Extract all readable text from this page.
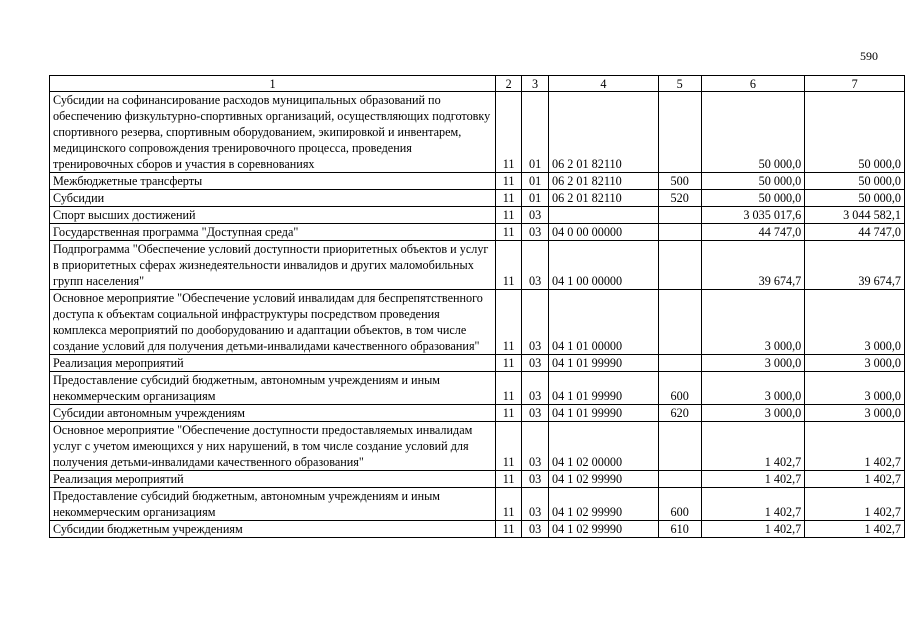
590
1	2	3	4	5	6	7
Субсидии на софинансирование расходов муниципальных образований по обеспечению физкультурно-спортивных организаций, осуществляющих подготовку спортивного резерва, спортивным оборудованием, экипировкой и инвентарем, медицинского сопровождения тренировочного процесса, проведения тренировочных сборов и участия в соревнованиях	11	01	06 2 01 82110		50 000,0	50 000,0
Межбюджетные трансферты	11	01	06 2 01 82110	500	50 000,0	50 000,0
Субсидии	11	01	06 2 01 82110	520	50 000,0	50 000,0
Спорт высших достижений	11	03			3 035 017,6	3 044 582,1
Государственная программа "Доступная среда"	11	03	04 0 00 00000		44 747,0	44 747,0
Подпрограмма "Обеспечение условий доступности приоритетных объектов и услуг в приоритетных сферах жизнедеятельности инвалидов и других маломобильных групп населения"	11	03	04 1 00 00000		39 674,7	39 674,7
Основное мероприятие "Обеспечение условий инвалидам для беспрепятственного доступа к объектам социальной инфраструктуры посредством проведения комплекса мероприятий по дооборудованию и адаптации объектов, в том числе создание условий для получения детьми-инвалидами качественного образования"	11	03	04 1 01 00000		3 000,0	3 000,0
Реализация мероприятий	11	03	04 1 01 99990		3 000,0	3 000,0
Предоставление субсидий бюджетным, автономным учреждениям и иным некоммерческим организациям	11	03	04 1 01 99990	600	3 000,0	3 000,0
Субсидии автономным учреждениям	11	03	04 1 01 99990	620	3 000,0	3 000,0
Основное мероприятие "Обеспечение доступности предоставляемых инвалидам услуг с учетом имеющихся у них нарушений, в том числе создание условий для получения детьми-инвалидами качественного образования"	11	03	04 1 02 00000		1 402,7	1 402,7
Реализация мероприятий	11	03	04 1 02 99990		1 402,7	1 402,7
Предоставление субсидий бюджетным, автономным учреждениям и иным некоммерческим организациям	11	03	04 1 02 99990	600	1 402,7	1 402,7
Субсидии бюджетным учреждениям	11	03	04 1 02 99990	610	1 402,7	1 402,7
